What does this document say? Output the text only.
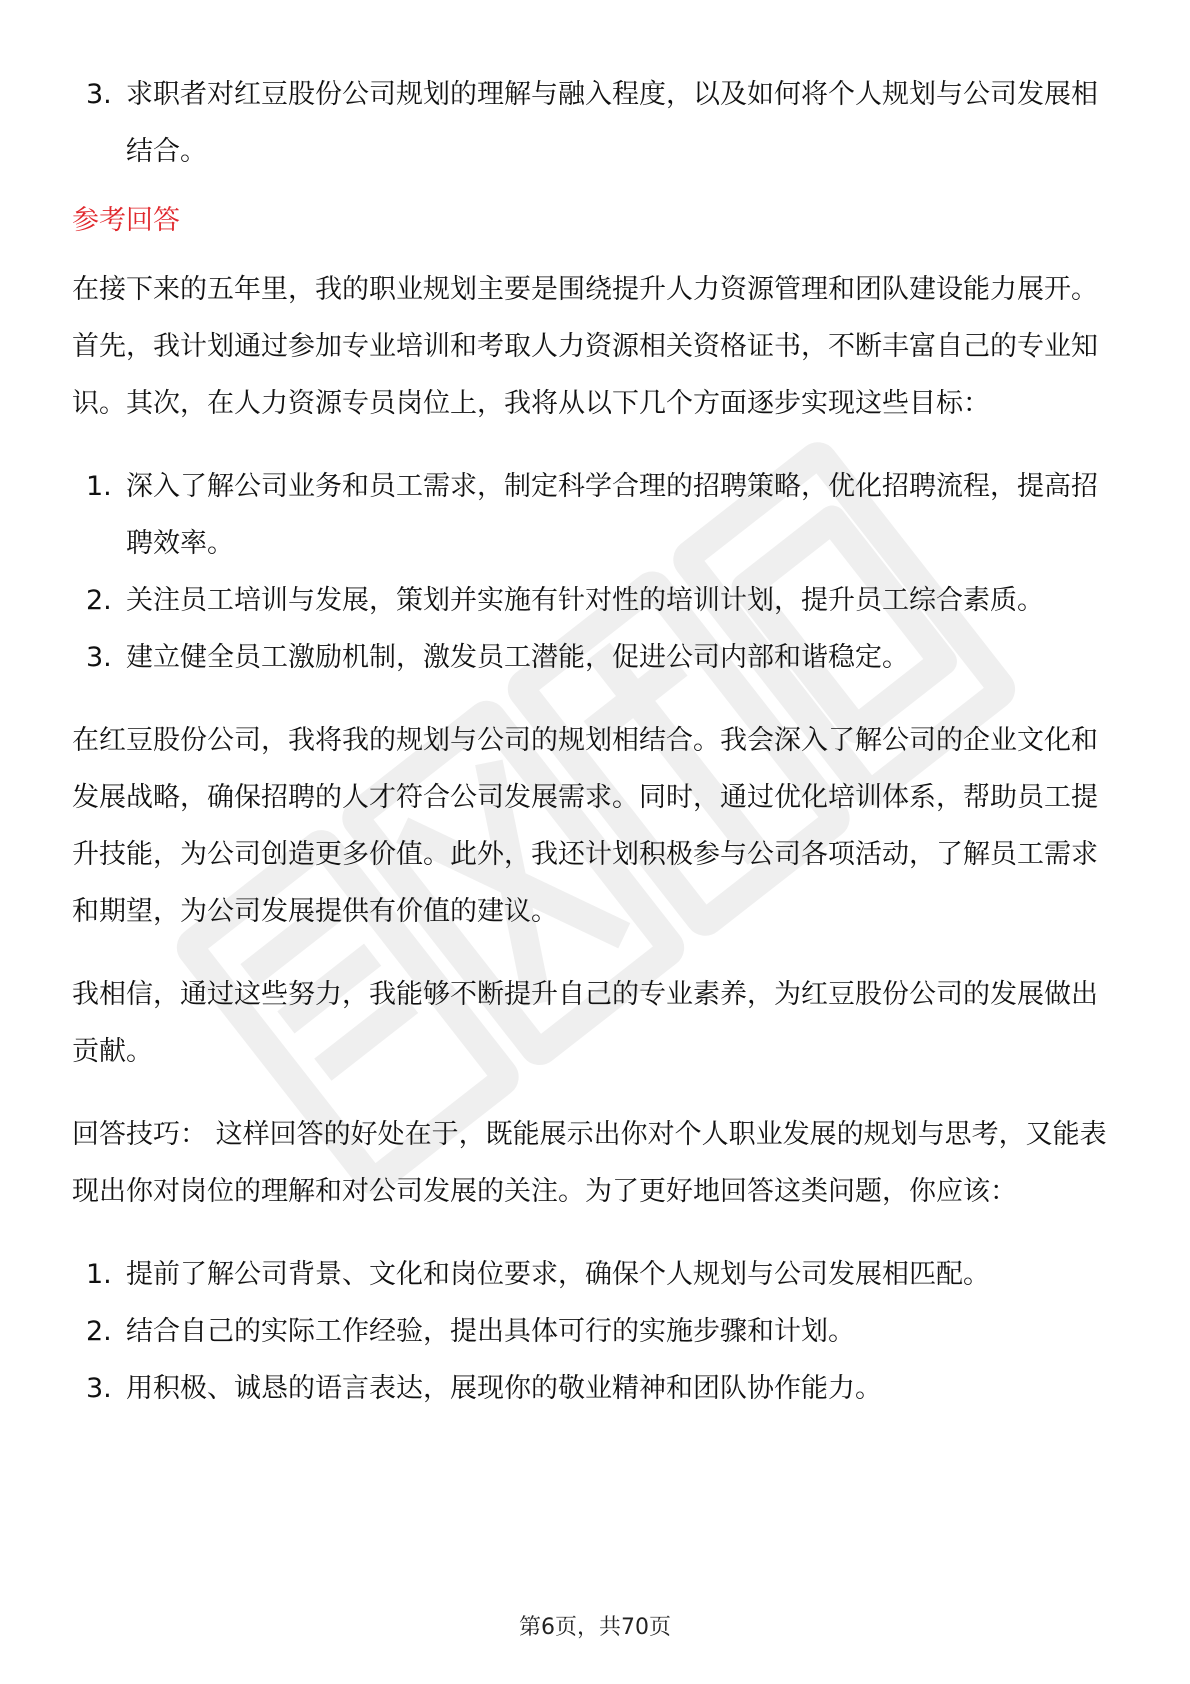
3. 求职者对红豆股份公司规划的理解与融入程度，以及如何将个人规划与公司发展相结合。
参考回答

在接下来的五年里，我的职业规划主要是围绕提升人力资源管理和团队建设能力展开。首先，我计划通过参加专业培训和考取人力资源相关资格证书，不断丰富自己的专业知识。其次，在人力资源专员岗位上，我将从以下几个方面逐步实现这些目标：

1. 深入了解公司业务和员工需求，制定科学合理的招聘策略，优化招聘流程，提高招聘效率。
2. 关注员工培训与发展，策划并实施有针对性的培训计划，提升员工综合素质。
3. 建立健全员工激励机制，激发员工潜能，促进公司内部和谐稳定。

在红豆股份公司，我将我的规划与公司的规划相结合。我会深入了解公司的企业文化和发展战略，确保招聘的人才符合公司发展需求。同时，通过优化培训体系，帮助员工提升技能，为公司创造更多价值。此外，我还计划积极参与公司各项活动，了解员工需求和期望，为公司发展提供有价值的建议。

我相信，通过这些努力，我能够不断提升自己的专业素养，为红豆股份公司的发展做出贡献。

回答技巧： 这样回答的好处在于，既能展示出你对个人职业发展的规划与思考，又能表现出你对岗位的理解和对公司发展的关注。为了更好地回答这类问题，你应该：

1. 提前了解公司背景、文化和岗位要求，确保个人规划与公司发展相匹配。
2. 结合自己的实际工作经验，提出具体可行的实施步骤和计划。
3. 用积极、诚恳的语言表达，展现你的敬业精神和团队协作能力。
第6页，共70页
